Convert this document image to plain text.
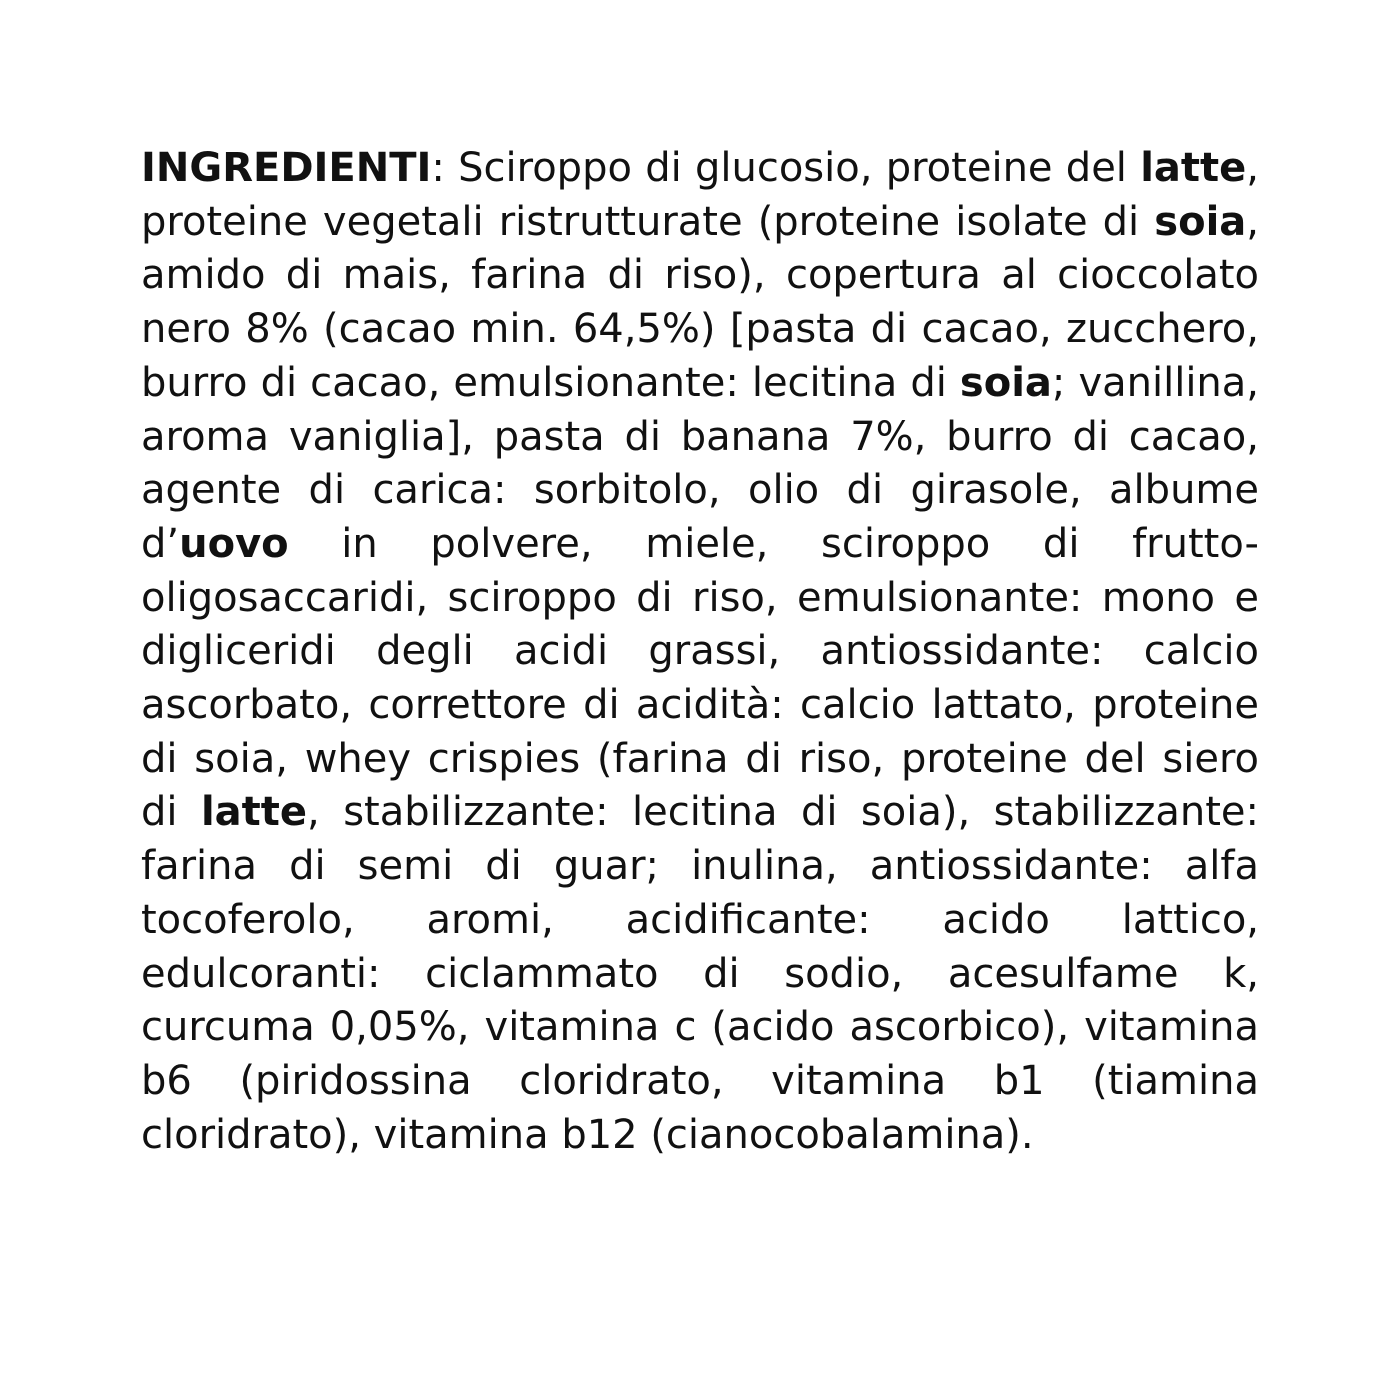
INGREDIENTI: Sciroppo di glucosio, proteine del latte, proteine vegetali ristrutturate (proteine isolate di soia, amido di mais, farina di riso), copertura al cioccolato nero 8% (cacao min. 64,5%) [pasta di cacao, zucchero, burro di cacao, emulsionante: lecitina di soia; vanillina, aroma vaniglia], pasta di banana 7%, burro di cacao, agente di carica: sorbitolo, olio di girasole, albume d’uovo in polvere, miele, sciroppo di frutto-oligosaccaridi, sciroppo di riso, emulsionante: mono e digliceridi degli acidi grassi, antiossidante: calcio ascorbato, correttore di acidità: calcio lattato, proteine di soia, whey crispies (farina di riso, proteine del siero di latte, stabilizzante: lecitina di soia), stabilizzante: farina di semi di guar; inulina, antiossidante: alfa tocoferolo, aromi, acidificante: acido lattico, edulcoranti: ciclammato di sodio, acesulfame k, curcuma 0,05%, vitamina c (acido ascorbico), vitamina b6 (piridossina cloridrato, vitamina b1 (tiamina cloridrato), vitamina b12 (cianocobalamina).
